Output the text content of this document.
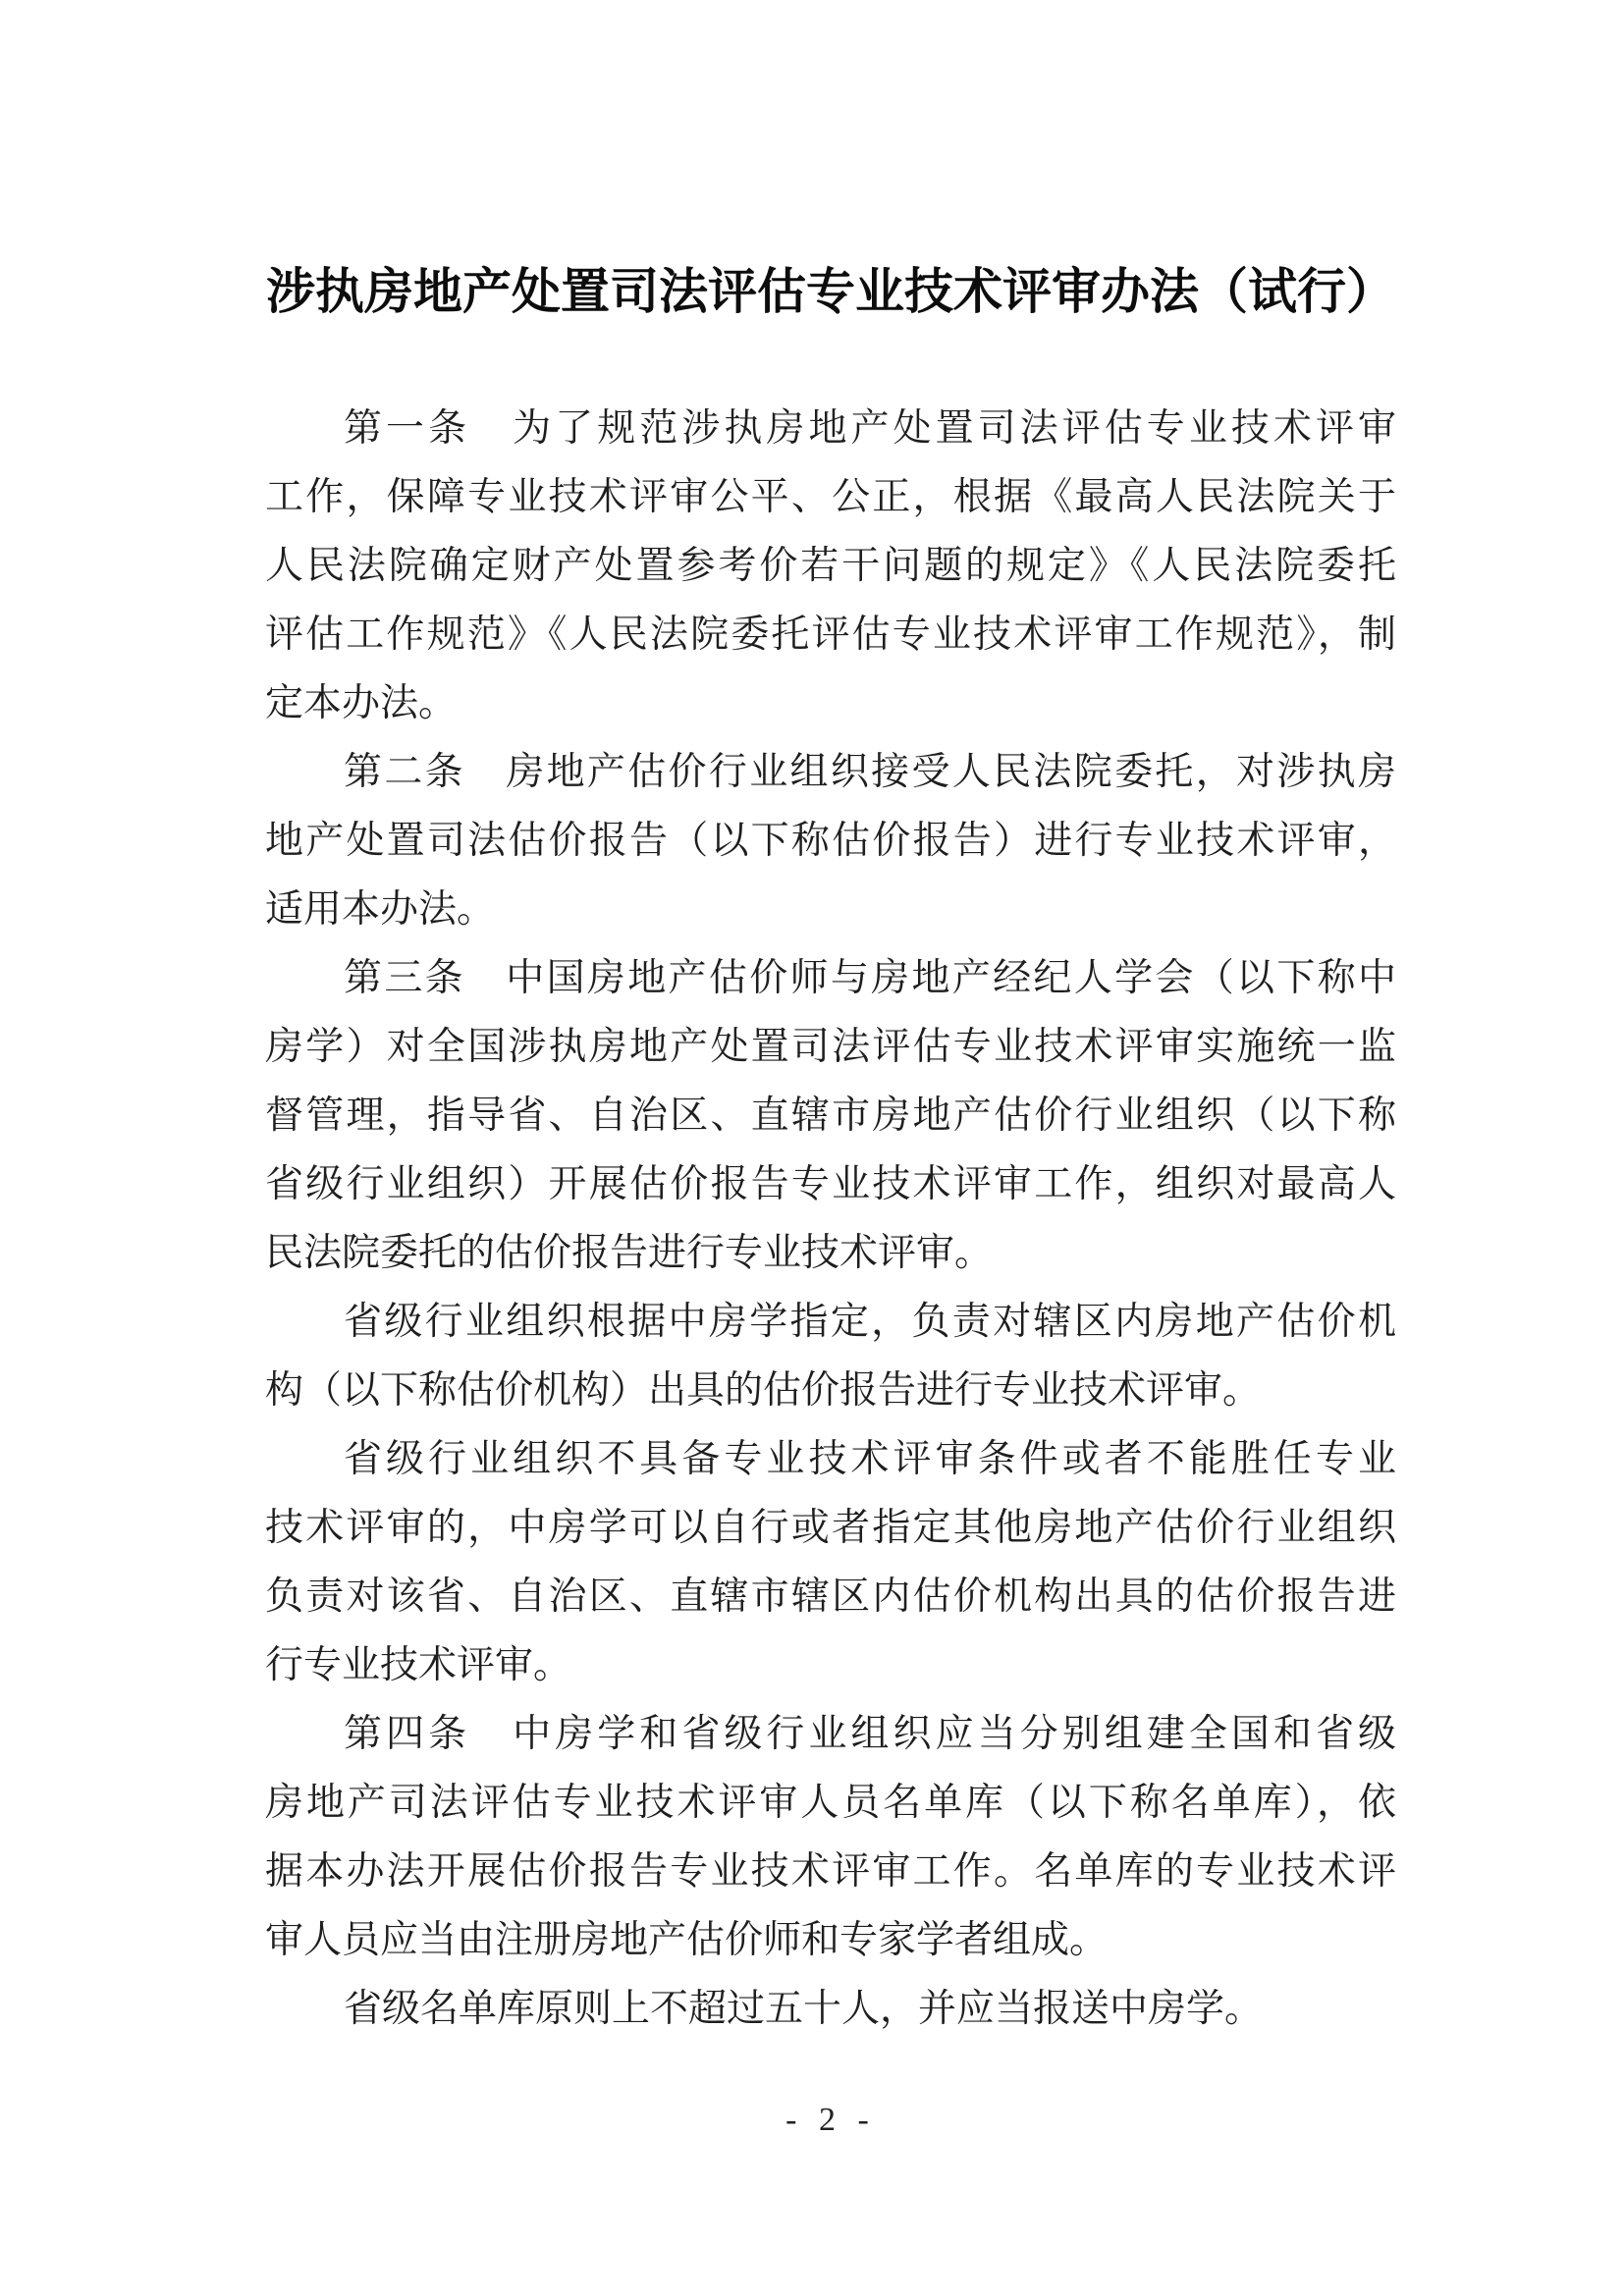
涉执房地产处置司法评估专业技术评审办法（试行）
第一条　为了规范涉执房地产处置司法评估专业技术评审
工作，保障专业技术评审公平、公正，根据《最高人民法院关于
人民法院确定财产处置参考价若干问题的规定》《人民法院委托
评估工作规范》《人民法院委托评估专业技术评审工作规范》，制
定本办法。
第二条　房地产估价行业组织接受人民法院委托，对涉执房
地产处置司法估价报告（以下称估价报告）进行专业技术评审，
适用本办法。
第三条　中国房地产估价师与房地产经纪人学会（以下称中
房学）对全国涉执房地产处置司法评估专业技术评审实施统一监
督管理，指导省、自治区、直辖市房地产估价行业组织（以下称
省级行业组织）开展估价报告专业技术评审工作，组织对最高人
民法院委托的估价报告进行专业技术评审。
省级行业组织根据中房学指定，负责对辖区内房地产估价机
构（以下称估价机构）出具的估价报告进行专业技术评审。
省级行业组织不具备专业技术评审条件或者不能胜任专业
技术评审的，中房学可以自行或者指定其他房地产估价行业组织
负责对该省、自治区、直辖市辖区内估价机构出具的估价报告进
行专业技术评审。
第四条　中房学和省级行业组织应当分别组建全国和省级
房地产司法评估专业技术评审人员名单库（以下称名单库），依
据本办法开展估价报告专业技术评审工作。名单库的专业技术评
审人员应当由注册房地产估价师和专家学者组成。
省级名单库原则上不超过五十人，并应当报送中房学。
- 2 -
